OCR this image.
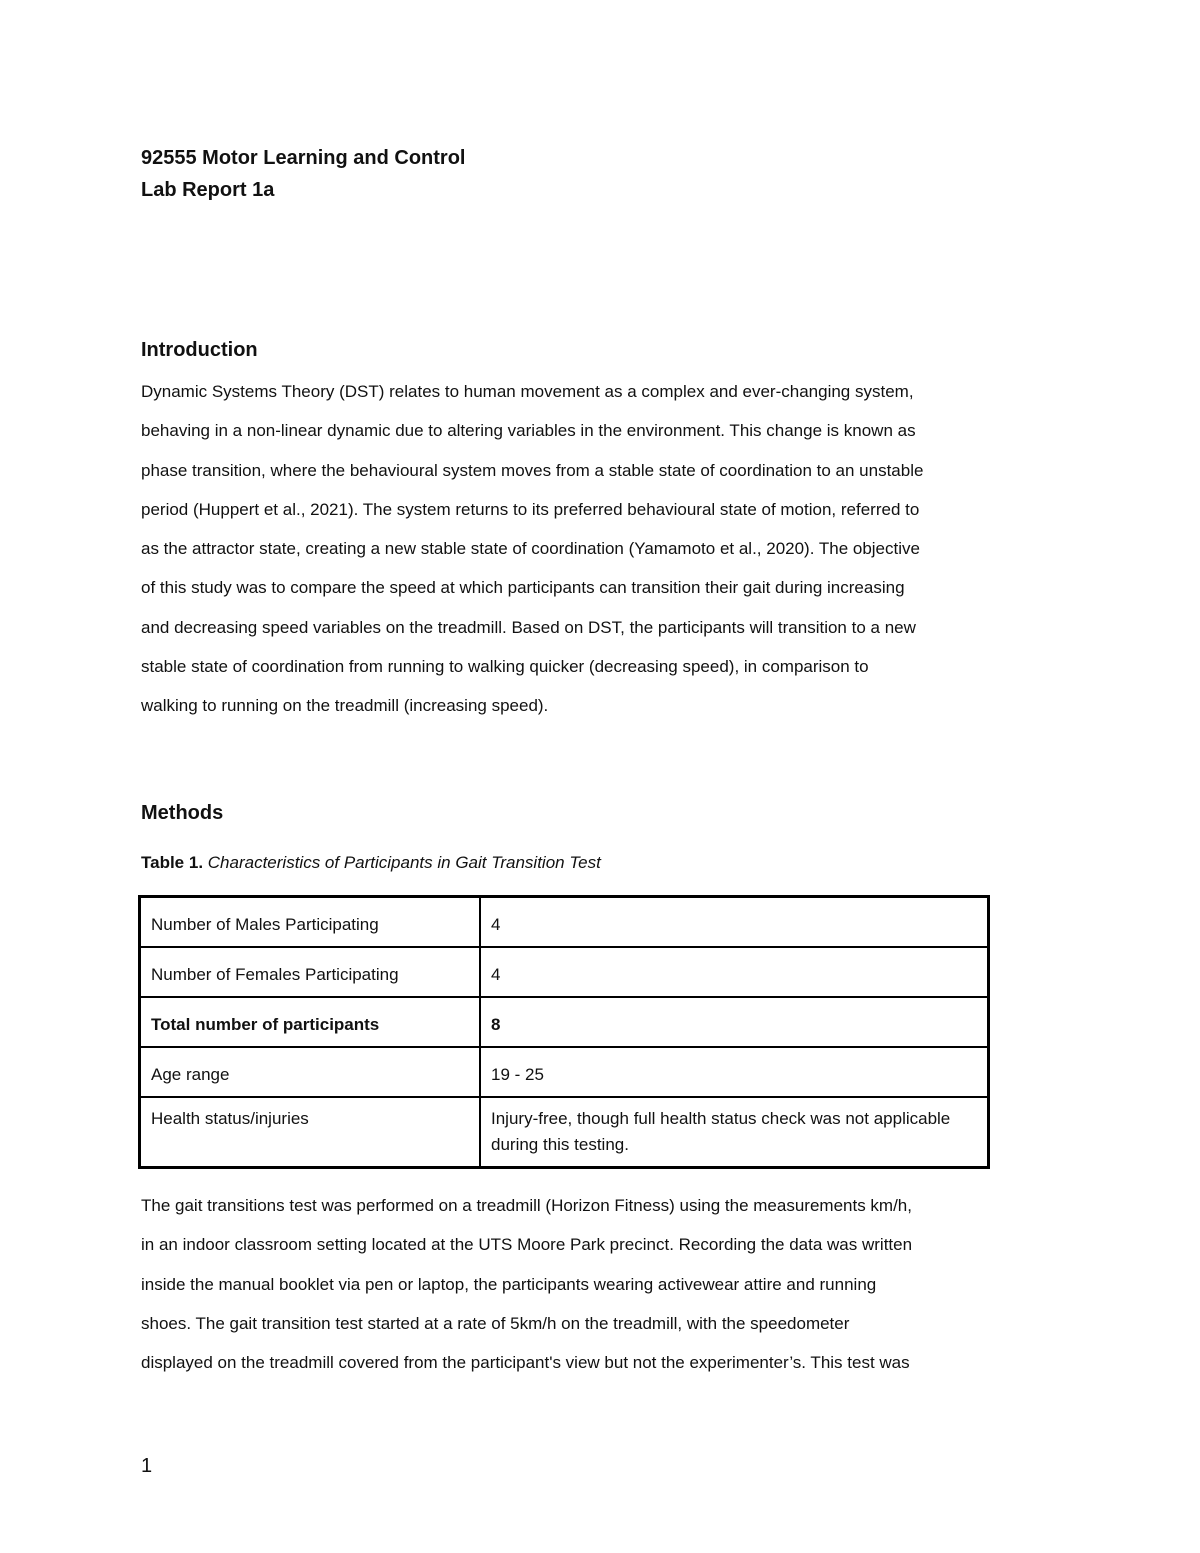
92555 Motor Learning and Control
Lab Report 1a
Introduction

Dynamic Systems Theory (DST) relates to human movement as a complex and ever-changing system,
behaving in a non-linear dynamic due to altering variables in the environment. This change is known as
phase transition, where the behavioural system moves from a stable state of coordination to an unstable
period (Huppert et al., 2021). The system returns to its preferred behavioural state of motion, referred to
as the attractor state, creating a new stable state of coordination (Yamamoto et al., 2020). The objective
of this study was to compare the speed at which participants can transition their gait during increasing
and decreasing speed variables on the treadmill. Based on DST, the participants will transition to a new
stable state of coordination from running to walking quicker (decreasing speed), in comparison to
walking to running on the treadmill (increasing speed).

Methods

Table 1. Characteristics of Participants in Gait Transition Test

Number of Males Participating	4
Number of Females Participating	4
Total number of participants	8
Age range	19 - 25
Health status/injuries	Injury-free, though full health status check was not applicable during this testing.

The gait transitions test was performed on a treadmill (Horizon Fitness) using the measurements km/h,
in an indoor classroom setting located at the UTS Moore Park precinct. Recording the data was written
inside the manual booklet via pen or laptop, the participants wearing activewear attire and running
shoes. The gait transition test started at a rate of 5km/h on the treadmill, with the speedometer
displayed on the treadmill covered from the participant's view but not the experimenter’s. This test was

1
